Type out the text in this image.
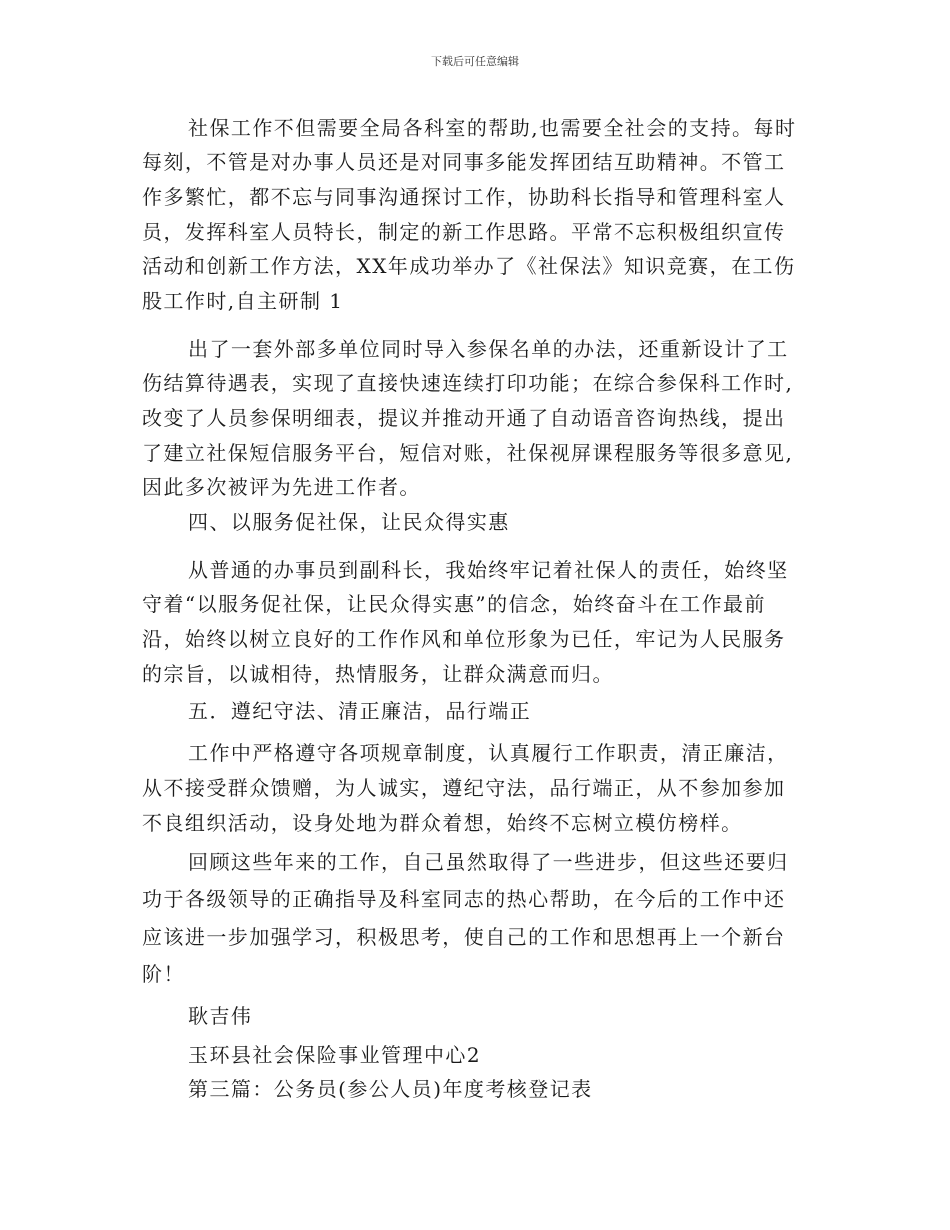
下载后可任意编辑
社保工作不但需要全局各科室的帮助,也需要全社会的支持。每时
每刻，不管是对办事人员还是对同事多能发挥团结互助精神。不管工
作多繁忙，都不忘与同事沟通探讨工作，协助科长指导和管理科室人
员，发挥科室人员特长，制定的新工作思路。平常不忘积极组织宣传
活动和创新工作方法，XX年成功举办了《社保法》知识竞赛，在工伤
股工作时,自主研制 1
出了一套外部多单位同时导入参保名单的办法，还重新设计了工
伤结算待遇表，实现了直接快速连续打印功能；在综合参保科工作时,
改变了人员参保明细表，提议并推动开通了自动语音咨询热线，提出
了建立社保短信服务平台，短信对账，社保视屏课程服务等很多意见,
因此多次被评为先进工作者。
四、以服务促社保，让民众得实惠
从普通的办事员到副科长，我始终牢记着社保人的责任，始终坚
守着“以服务促社保，让民众得实惠”的信念，始终奋斗在工作最前
沿，始终以树立良好的工作作风和单位形象为已任，牢记为人民服务
的宗旨，以诚相待，热情服务，让群众满意而归。
五．遵纪守法、清正廉洁，品行端正
工作中严格遵守各项规章制度，认真履行工作职责，清正廉洁，
从不接受群众馈赠，为人诚实，遵纪守法，品行端正，从不参加参加
不良组织活动，设身处地为群众着想，始终不忘树立模仿榜样。
回顾这些年来的工作，自己虽然取得了一些进步，但这些还要归
功于各级领导的正确指导及科室同志的热心帮助，在今后的工作中还
应该进一步加强学习，积极思考，使自己的工作和思想再上一个新台
阶！
耿吉伟
玉环县社会保险事业管理中心2
第三篇：公务员(参公人员)年度考核登记表
